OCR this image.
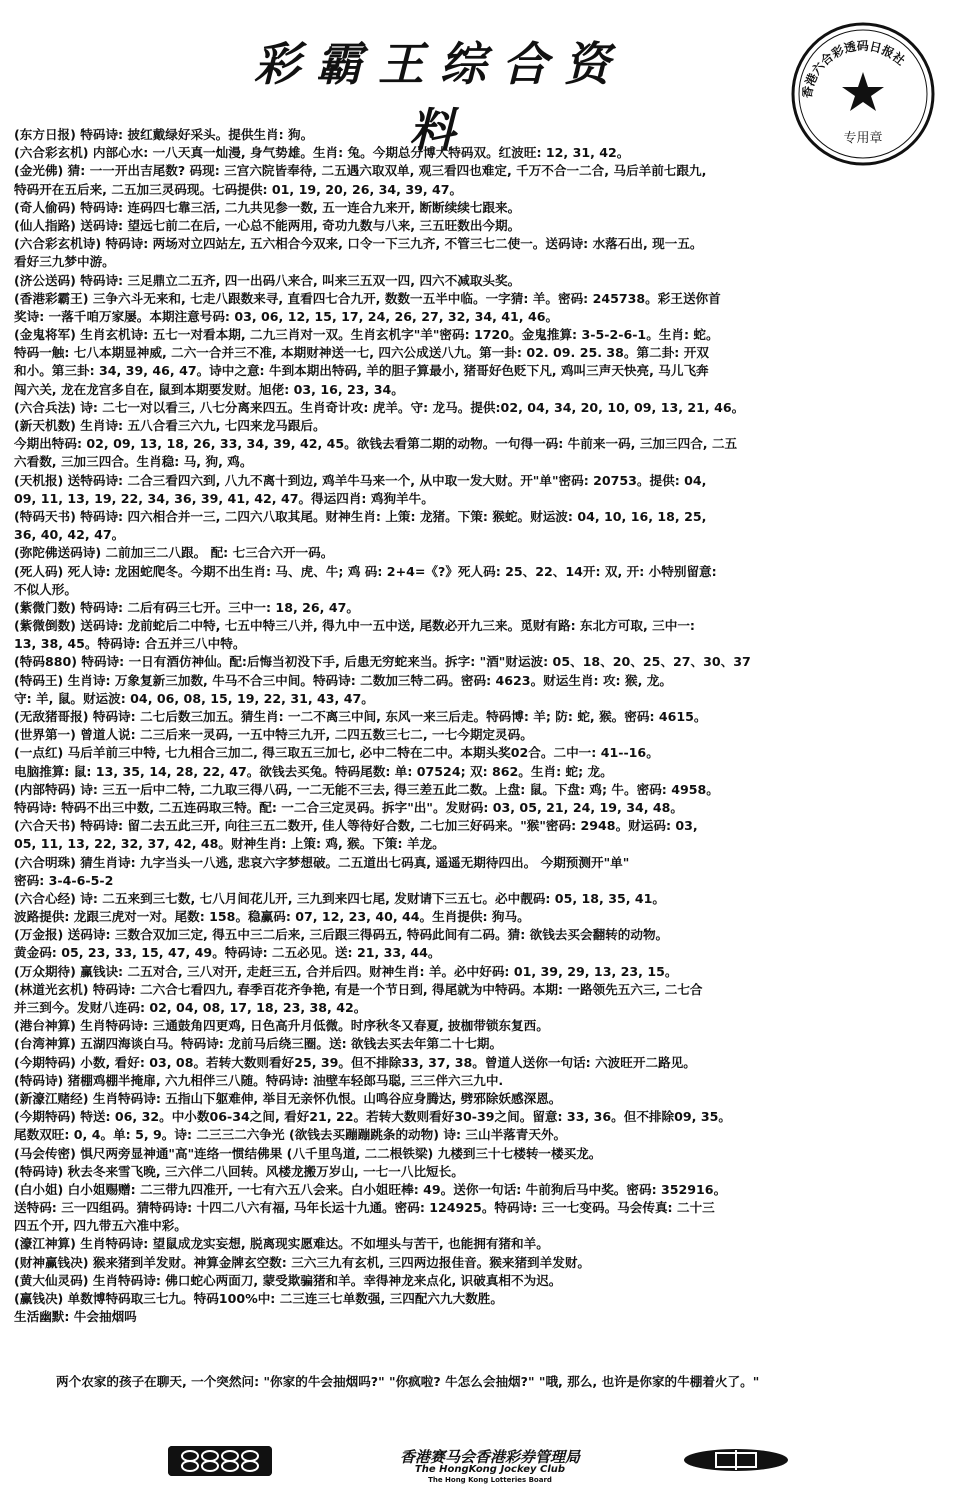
彩霸王综合资料
香港六合彩透码日报社
专用章
(东方日报) 特码诗: 披红戴绿好采头。提供生肖: 狗。
(六合彩玄机) 内部心水: 一八天真一灿漫, 身气势雄。生肖: 兔。今期总分博大特码双。红波旺: 12, 31, 42。
(金光佛) 猜: 一一开出吉尾数? 码现: 三宫六院皆奉待, 二五遇六取双单, 观三看四也难定, 千万不合一二合, 马后羊前七跟九,
特码开在五后来, 二五加三灵码现。七码提供: 01, 19, 20, 26, 34, 39, 47。
(奇人偷码) 特码诗: 连码四七靠三活, 二九共见参一数, 五一连合九来开, 断断续续七跟来。
(仙人指路) 送码诗: 望远七前二在后, 一心总不能两用, 奇功九数与八来, 三五旺数出今期。
(六合彩玄机诗) 特码诗: 两场对立四站左, 五六相合今双来, 口令一下三九齐, 不管三七二使一。送码诗: 水落石出, 现一五。
看好三九梦中游。
(济公送码) 特码诗: 三足鼎立二五齐, 四一出码八来合, 叫来三五双一四, 四六不减取头奖。
(香港彩霸王) 三争六斗无来和, 七走八跟数来寻, 直看四七合九开, 数数一五半中临。一字猜: 羊。密码: 245738。彩王送你首
奖诗: 一落千咱万家屡。本期注意号码: 03, 06, 12, 15, 17, 24, 26, 27, 32, 34, 41, 46。
(金鬼将军) 生肖玄机诗: 五七一对看本期, 二九三肖对一双。生肖玄机字"羊"密码: 1720。金鬼推算: 3-5-2-6-1。生肖: 蛇。
特码一触: 七八本期显神威, 二六一合并三不准, 本期财神送一七, 四六公成送八九。第一卦: 02. 09. 25. 38。第二卦: 开双
和小。第三卦: 34, 39, 46, 47。诗中之意: 牛到本期出特码, 羊的胆子算最小, 猪哥好色贬下凡, 鸡叫三声天快亮, 马儿飞奔
闯六关, 龙在龙宫多自在, 鼠到本期要发财。旭佬: 03, 16, 23, 34。
(六合兵法) 诗: 二七一对以看三, 八七分离来四五。生肖奇计攻: 虎羊。守: 龙马。提供:02, 04, 34, 20, 10, 09, 13, 21, 46。
(新天机数) 生肖诗: 五八合看三六九, 七四来龙马跟后。
今期出特码: 02, 09, 13, 18, 26, 33, 34, 39, 42, 45。欲钱去看第二期的动物。一句得一码: 牛前来一码, 三加三四合, 二五
六看数, 三加三四合。生肖稳: 马, 狗, 鸡。
(天机报) 送特码诗: 二合三看四六到, 八九不离十到边, 鸡羊牛马来一个, 从中取一发大财。开"单"密码: 20753。提供: 04,
09, 11, 13, 19, 22, 34, 36, 39, 41, 42, 47。得运四肖: 鸡狗羊牛。
(特码天书) 特码诗: 四六相合并一三, 二四六八取其尾。财神生肖: 上策: 龙猪。下策: 猴蛇。财运波: 04, 10, 16, 18, 25,
36, 40, 42, 47。
(弥陀佛送码诗) 二前加三二八跟。 配: 七三合六开一码。
(死人码) 死人诗: 龙困蛇爬冬。今期不出生肖: 马、虎、牛; 鸡 码: 2+4=《?》死人码: 25、22、14开: 双, 开: 小特别留意:
不似人形。
(紫微门数) 特码诗: 二后有码三七开。三中一: 18, 26, 47。
(紫微倒数) 送码诗: 龙前蛇后二中特, 七五中特三八并, 得九中一五中送, 尾数必开九三来。觅财有路: 东北方可取, 三中一:
13, 38, 45。特码诗: 合五并三八中特。
(特码880) 特码诗: 一日有酒仿神仙。配:后悔当初没下手, 后患无穷蛇来当。拆字: "酒"财运波: 05、18、20、25、27、30、37
(特码王) 生肖诗: 万象复新三加数, 牛马不合三中间。特码诗: 二数加三特二码。密码: 4623。财运生肖: 攻: 猴, 龙。
守: 羊, 鼠。财运波: 04, 06, 08, 15, 19, 22, 31, 43, 47。
(无敌猪哥报) 特码诗: 二七后数三加五。猜生肖: 一二不离三中间, 东风一来三后走。特码博: 羊; 防: 蛇, 猴。密码: 4615。
(世界第一) 曾道人说: 二三后来一灵码, 一五中特三九开, 二四五数三七二, 一七今期定灵码。
(一点红) 马后羊前三中特, 七九相合三加二, 得三取五三加七, 必中二特在二中。本期头奖02合。二中一: 41--16。
电脑推算: 鼠: 13, 35, 14, 28, 22, 47。欲钱去买兔。特码尾数: 单: 07524; 双: 862。生肖: 蛇; 龙。
(内部特码) 诗: 三五一后中二特, 二九取三得八码, 一二无能不三去, 得三差五此二数。上盘: 鼠。下盘: 鸡; 牛。密码: 4958。
特码诗: 特码不出三中数, 二五连码取三特。配: 一二合三定灵码。拆字"出"。发财码: 03, 05, 21, 24, 19, 34, 48。
(六合天书) 特码诗: 留二去五此三开, 向往三五二数开, 佳人等待好合数, 二七加三好码来。"猴"密码: 2948。财运码: 03,
05, 11, 13, 22, 32, 37, 42, 48。财神生肖: 上策: 鸡, 猴。下策: 羊龙。
(六合明珠) 猜生肖诗: 九字当头一八逃, 悲哀六字梦想破。二五道出七码真, 遥遥无期待四出。 今期预测开"单"
密码: 3-4-6-5-2
(六合心经) 诗: 二五来到三七数, 七八月间花儿开, 三九到来四七尾, 发财请下三五七。必中靓码: 05, 18, 35, 41。
波路提供: 龙跟三虎对一对。尾数: 158。稳赢码: 07, 12, 23, 40, 44。生肖提供: 狗马。
(万金报) 送码诗: 三数合双加三定, 得五中三二后来, 三后跟三得码五, 特码此间有二码。猜: 欲钱去买会翻转的动物。
黄金码: 05, 23, 33, 15, 47, 49。特码诗: 二五必见。送: 21, 33, 44。
(万众期待) 赢钱诀: 二五对合, 三八对开, 走赶三五, 合并后四。财神生肖: 羊。必中好码: 01, 39, 29, 13, 23, 15。
(林道光玄机) 特码诗: 二六合七看四九, 春季百花齐争艳, 有是一个节日到, 得尾就为中特码。本期: 一路领先五六三, 二七合
并三到今。发财八连码: 02, 04, 08, 17, 18, 23, 38, 42。
(港台神算) 生肖特码诗: 三通鼓角四更鸡, 日色高升月低微。时序秋冬又春夏, 披枷带锁东复西。
(台湾神算) 五湖四海谈白马。特码诗: 龙前马后绕三圈。送: 欲钱去买去年第二十七期。
(今期特码) 小数, 看好: 03, 08。若转大数则看好25, 39。但不排除33, 37, 38。曾道人送你一句话: 六波旺开二路见。
(特码诗) 猪棚鸡棚半掩扉, 六九相伴三八随。特码诗: 油壁车轻郎马聪, 三三伴六三九中.
(新濠江赌经) 生肖特码诗: 五指山下躯难伸, 举目无亲怀仇恨。山鸣谷应身腾达, 劈邪除妖感深恩。
(今期特码) 特送: 06, 32。中小数06-34之间, 看好21, 22。若转大数则看好30-39之间。留意: 33, 36。但不排除09, 35。
尾数双旺: 0, 4。单: 5, 9。诗: 二三三二六争光 (欲钱去买蹦蹦跳条的动物) 诗: 三山半落青天外。
(马会传密) 惧尺两旁显神通"高"连络一惯结佛果 (八千里鸟道, 二二根铁梁) 九楼到三十七楼转一楼买龙。
(特码诗) 秋去冬来雪飞晚, 三六伴二八回转。风楼龙搬万岁山, 一七一八比短长。
(白小姐) 白小姐赐赠: 二三带九四准开, 一七有六五八会来。白小姐旺棒: 49。送你一句话: 牛前狗后马中奖。密码: 352916。
送特码: 三一四组码。猜特码诗: 十四二八六有福, 马年长运十九通。密码: 124925。特码诗: 三一七变码。马会传真: 二十三
四五个开, 四九带五六准中彩。
(濠江神算) 生肖特码诗: 望鼠成龙实妄想, 脱离现实愿难达。不如埋头与苦干, 也能拥有猪和羊。
(财神赢钱决) 猴来猪到羊发财。神算金牌玄空数: 三六三九有玄机, 三四两边报佳音。猴来猪到羊发财。
(黄大仙灵码) 生肖特码诗: 佛口蛇心两面刀, 蒙受欺骗猪和羊。幸得神龙来点化, 识破真相不为迟。
(赢钱决) 单数博特码取三七九。特码100%中: 二三连三七单数强, 三四配六九大数胜。
生活幽默: 牛会抽烟吗
两个农家的孩子在聊天, 一个突然问: "你家的牛会抽烟吗?" "你疯啦? 牛怎么会抽烟?" "哦, 那么, 也许是你家的牛棚着火了。"
香港赛马会香港彩券管理局
The HongKong Jockey Club
The Hong Kong Lotteries Board
